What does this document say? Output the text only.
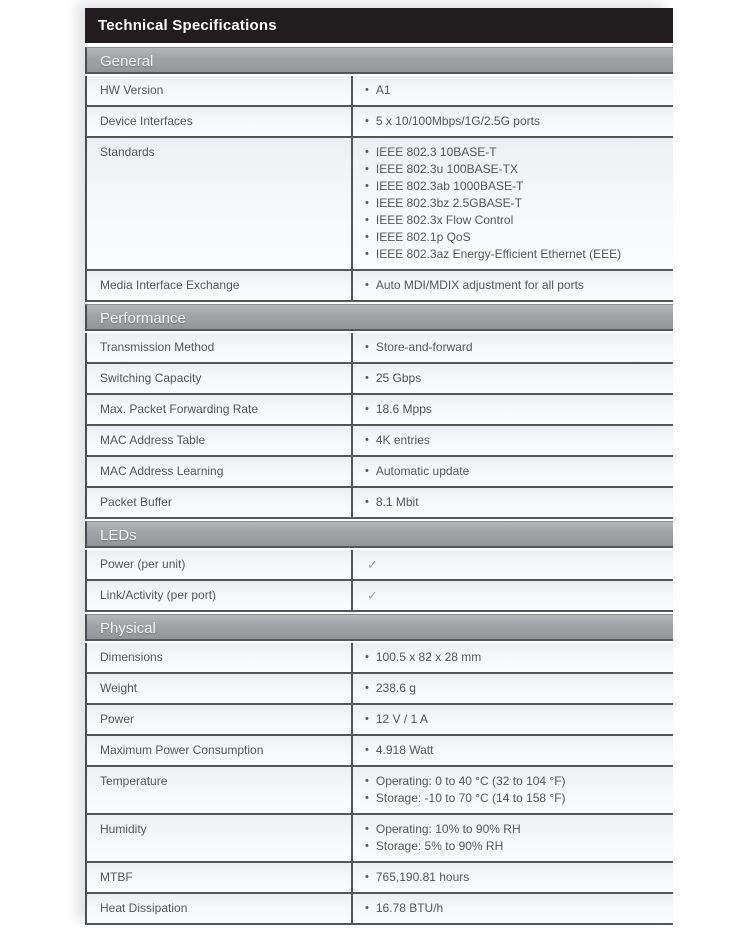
Technical Specifications
General
HW Version	• A1
Device Interfaces	• 5 x 10/100Mbps/1G/2.5G ports
Standards	• IEEE 802.3 10BASE-T
• IEEE 802.3u 100BASE-TX
• IEEE 802.3ab 1000BASE-T
• IEEE 802.3bz 2.5GBASE-T
• IEEE 802.3x Flow Control
• IEEE 802.1p QoS
• IEEE 802.3az Energy-Efficient Ethernet (EEE)
Media Interface Exchange	• Auto MDI/MDIX adjustment for all ports
Performance
Transmission Method	• Store-and-forward
Switching Capacity	• 25 Gbps
Max. Packet Forwarding Rate	• 18.6 Mpps
MAC Address Table	• 4K entries
MAC Address Learning	• Automatic update
Packet Buffer	• 8.1 Mbit
LEDs
Power (per unit)	✓
Link/Activity (per port)	✓
Physical
Dimensions	• 100.5 x 82 x 28 mm
Weight	• 238.6 g
Power	• 12 V / 1 A
Maximum Power Consumption	• 4.918 Watt
Temperature	• Operating: 0 to 40 °C (32 to 104 °F)
• Storage: -10 to 70 °C (14 to 158 °F)
Humidity	• Operating: 10% to 90% RH
• Storage: 5% to 90% RH
MTBF	• 765,190.81 hours
Heat Dissipation	• 16.78 BTU/h
